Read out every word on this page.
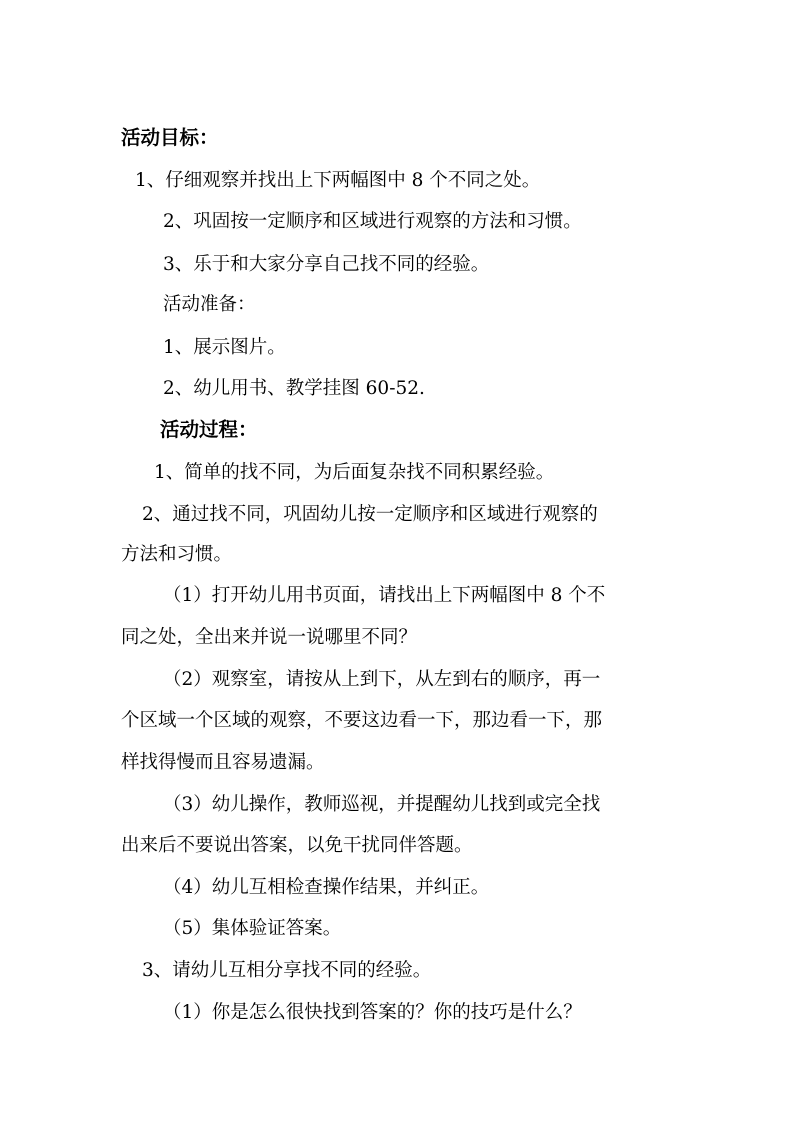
活动目标：
1、仔细观察并找出上下两幅图中 8 个不同之处。
2、巩固按一定顺序和区域进行观察的方法和习惯。
3、乐于和大家分享自己找不同的经验。
活动准备：
1、展示图片。
2、幼儿用书、教学挂图 60-52.
活动过程：
1、简单的找不同，为后面复杂找不同积累经验。
2、通过找不同，巩固幼儿按一定顺序和区域进行观察的
方法和习惯。
（1）打开幼儿用书页面，请找出上下两幅图中 8 个不
同之处，全出来并说一说哪里不同？
（2）观察室，请按从上到下，从左到右的顺序，再一
个区域一个区域的观察，不要这边看一下，那边看一下，那
样找得慢而且容易遗漏。
（3）幼儿操作，教师巡视，并提醒幼儿找到或完全找
出来后不要说出答案，以免干扰同伴答题。
（4）幼儿互相检查操作结果，并纠正。
（5）集体验证答案。
3、请幼儿互相分享找不同的经验。
（1）你是怎么很快找到答案的？你的技巧是什么？
